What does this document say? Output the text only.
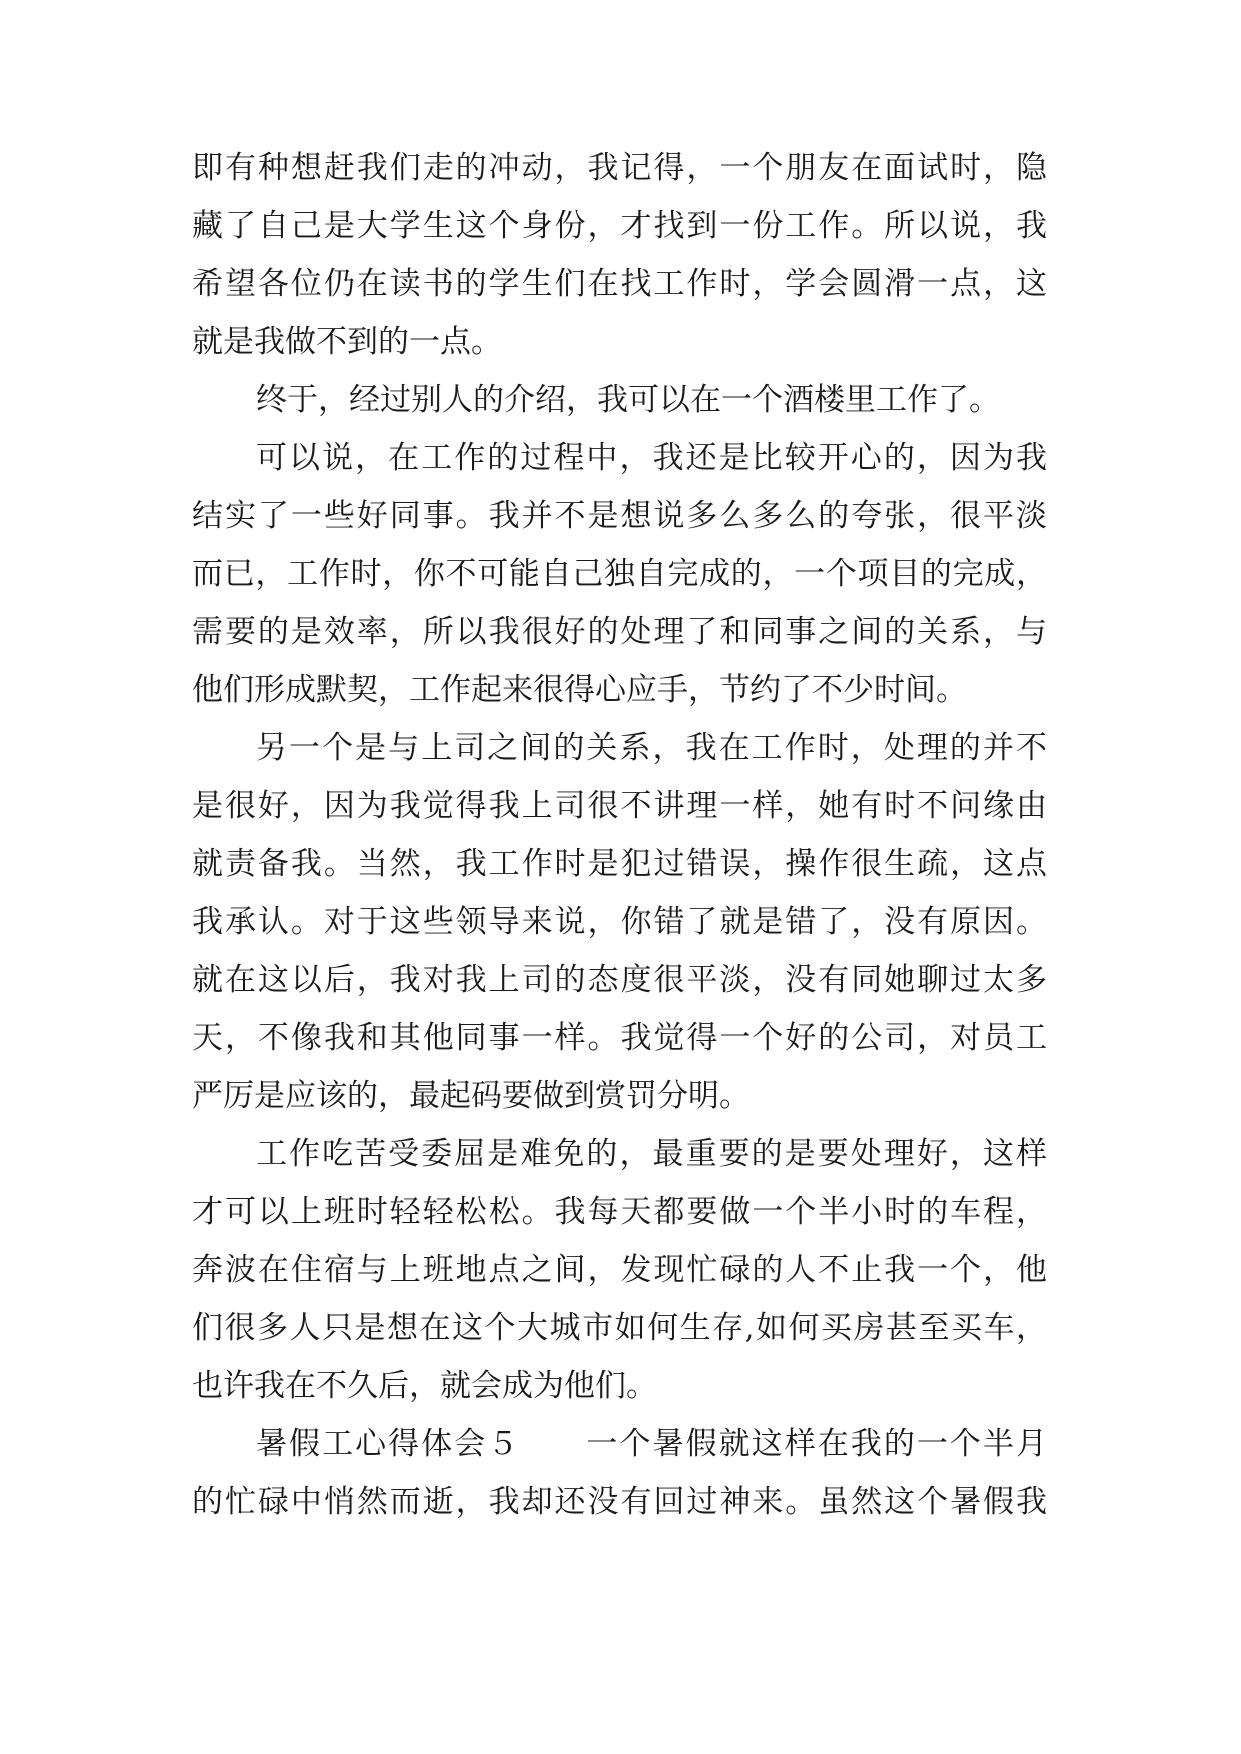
即有种想赶我们走的冲动，我记得，一个朋友在面试时，隐
藏了自己是大学生这个身份，才找到一份工作。所以说，我
希望各位仍在读书的学生们在找工作时，学会圆滑一点，这
就是我做不到的一点。
终于，经过别人的介绍，我可以在一个酒楼里工作了。
可以说，在工作的过程中，我还是比较开心的，因为我
结实了一些好同事。我并不是想说多么多么的夸张，很平淡
而已，工作时，你不可能自己独自完成的，一个项目的完成，
需要的是效率，所以我很好的处理了和同事之间的关系，与
他们形成默契，工作起来很得心应手，节约了不少时间。
另一个是与上司之间的关系，我在工作时，处理的并不
是很好，因为我觉得我上司很不讲理一样，她有时不问缘由
就责备我。当然，我工作时是犯过错误，操作很生疏，这点
我承认。对于这些领导来说，你错了就是错了，没有原因。
就在这以后，我对我上司的态度很平淡，没有同她聊过太多
天，不像我和其他同事一样。我觉得一个好的公司，对员工
严厉是应该的，最起码要做到赏罚分明。
工作吃苦受委屈是难免的，最重要的是要处理好，这样
才可以上班时轻轻松松。我每天都要做一个半小时的车程，
奔波在住宿与上班地点之间，发现忙碌的人不止我一个，他
们很多人只是想在这个大城市如何生存,如何买房甚至买车，
也许我在不久后，就会成为他们。
暑假工心得体会５　　一个暑假就这样在我的一个半月
的忙碌中悄然而逝，我却还没有回过神来。虽然这个暑假我
